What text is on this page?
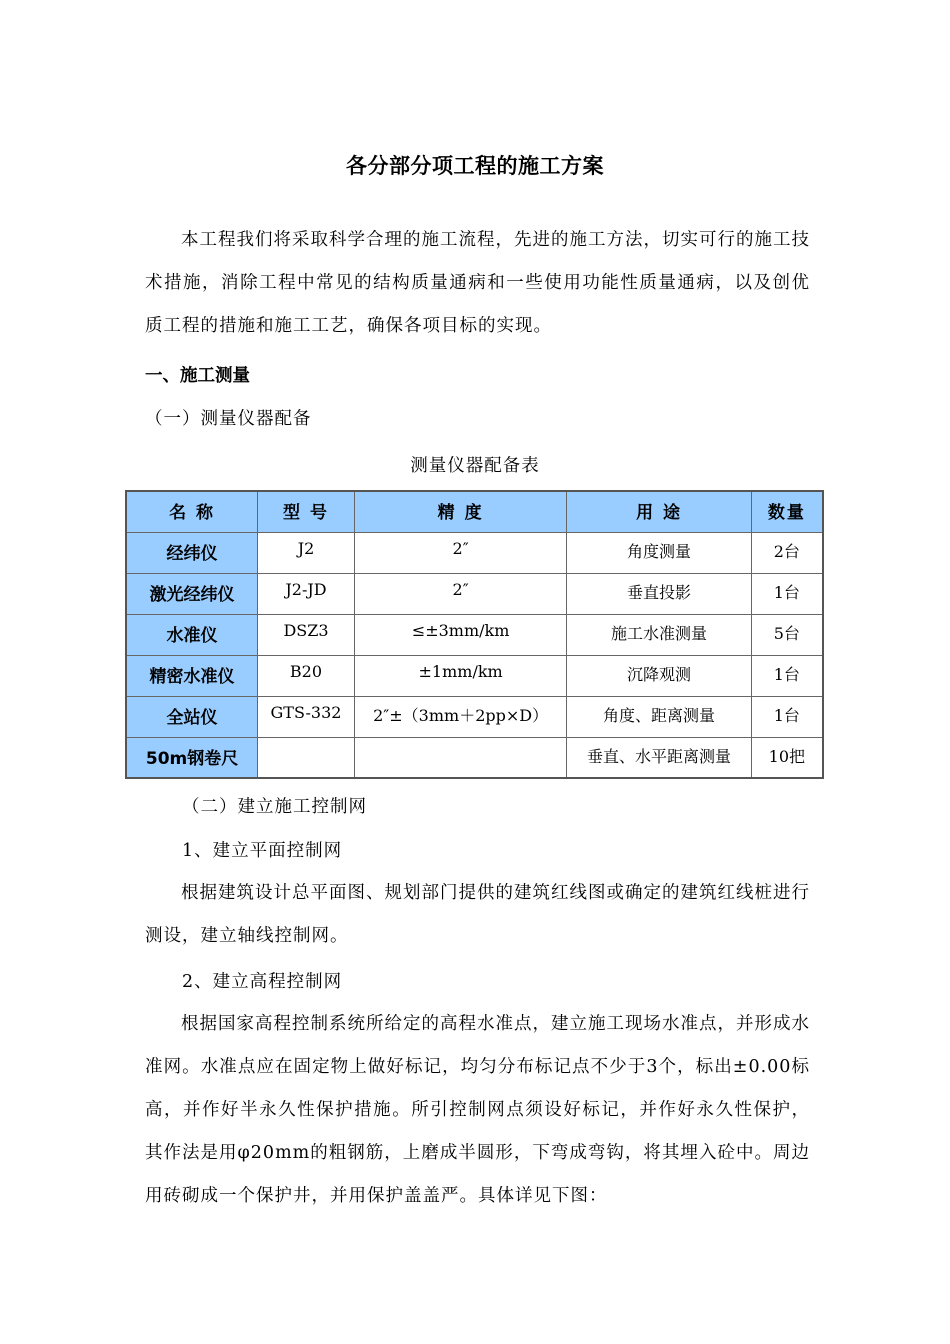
各分部分项工程的施工方案

本工程我们将采取科学合理的施工流程，先进的施工方法，切实可行的施工技术措施，消除工程中常见的结构质量通病和一些使用功能性质量通病，以及创优质工程的措施和施工工艺，确保各项目标的实现。

一、施工测量
（一）测量仪器配备
测量仪器配备表
名 称	型 号	精 度	用 途	数量
经纬仪	J2	2″	角度测量	2台
激光经纬仪	J2-JD	2″	垂直投影	1台
水准仪	DSZ3	≤±3mm/km	施工水准测量	5台
精密水准仪	B20	±1mm/km	沉降观测	1台
全站仪	GTS-332	2″±（3mm＋2pp×D）	角度、距离测量	1台
50m钢卷尺			垂直、水平距离测量	10把
（二）建立施工控制网
1、建立平面控制网

根据建筑设计总平面图、规划部门提供的建筑红线图或确定的建筑红线桩进行测设，建立轴线控制网。

2、建立高程控制网

根据国家高程控制系统所给定的高程水准点，建立施工现场水准点，并形成水准网。水准点应在固定物上做好标记，均匀分布标记点不少于3个，标出±0.00标高，并作好半永久性保护措施。所引控制网点须设好标记，并作好永久性保护，其作法是用φ20mm的粗钢筋，上磨成半圆形，下弯成弯钩，将其埋入砼中。周边用砖砌成一个保护井，并用保护盖盖严。具体详见下图：
